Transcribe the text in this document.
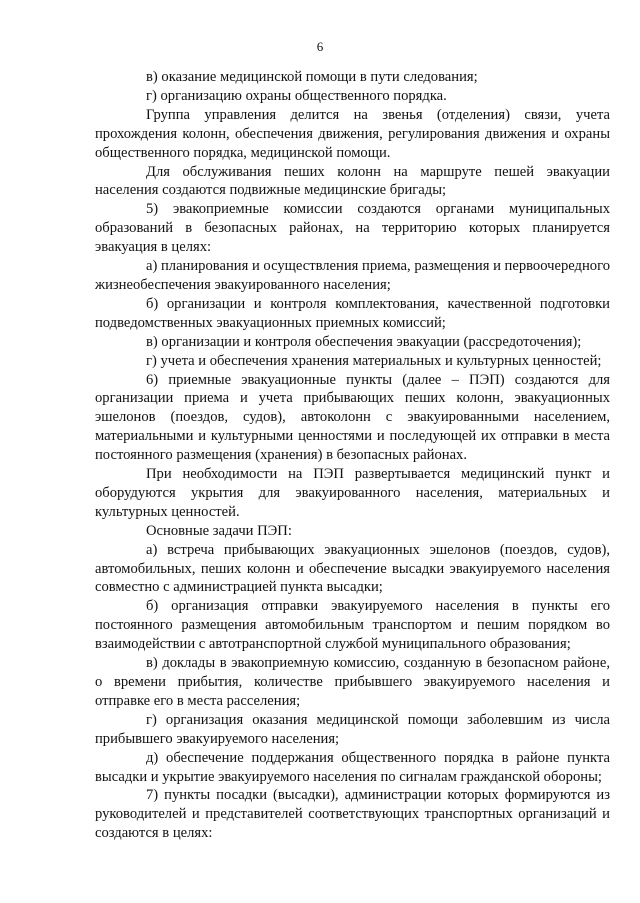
6

в) оказание медицинской помощи в пути следования;

г) организацию охраны общественного порядка.

Группа управления делится на звенья (отделения) связи, учета прохождения колонн, обеспечения движения, регулирования движения и охраны общественного порядка, медицинской помощи.

Для обслуживания пеших колонн на маршруте пешей эвакуации населения создаются подвижные медицинские бригады;

5) эвакоприемные комиссии создаются органами муниципальных образований в безопасных районах, на территорию которых планируется эвакуация в целях:

а) планирования и осуществления приема, размещения и первоочередного жизнеобеспечения эвакуированного населения;

б) организации и контроля комплектования, качественной подготовки подведомственных эвакуационных приемных комиссий;

в) организации и контроля обеспечения эвакуации (рассредоточения);

г) учета и обеспечения хранения материальных и культурных ценностей;

6) приемные эвакуационные пункты (далее – ПЭП) создаются для организации приема и учета прибывающих пеших колонн, эвакуационных эшелонов (поездов, судов), автоколонн с эвакуированными населением, материальными и культурными ценностями и последующей их отправки в места постоянного размещения (хранения) в безопасных районах.

При необходимости на ПЭП развертывается медицинский пункт и оборудуются укрытия для эвакуированного населения, материальных и культурных ценностей.

Основные задачи ПЭП:

а) встреча прибывающих эвакуационных эшелонов (поездов, судов), автомобильных, пеших колонн и обеспечение высадки эвакуируемого населения совместно с администрацией пункта высадки;

б) организация отправки эвакуируемого населения в пункты его постоянного размещения автомобильным транспортом и пешим порядком во взаимодействии с автотранспортной службой муниципального образования;

в) доклады в эвакоприемную комиссию, созданную в безопасном районе, о времени прибытия, количестве прибывшего эвакуируемого населения и отправке его в места расселения;

г) организация оказания медицинской помощи заболевшим из числа прибывшего эвакуируемого населения;

д) обеспечение поддержания общественного порядка в районе пункта высадки и укрытие эвакуируемого населения по сигналам гражданской обороны;

7) пункты посадки (высадки), администрации которых формируются из руководителей и представителей соответствующих транспортных организаций и создаются в целях:
